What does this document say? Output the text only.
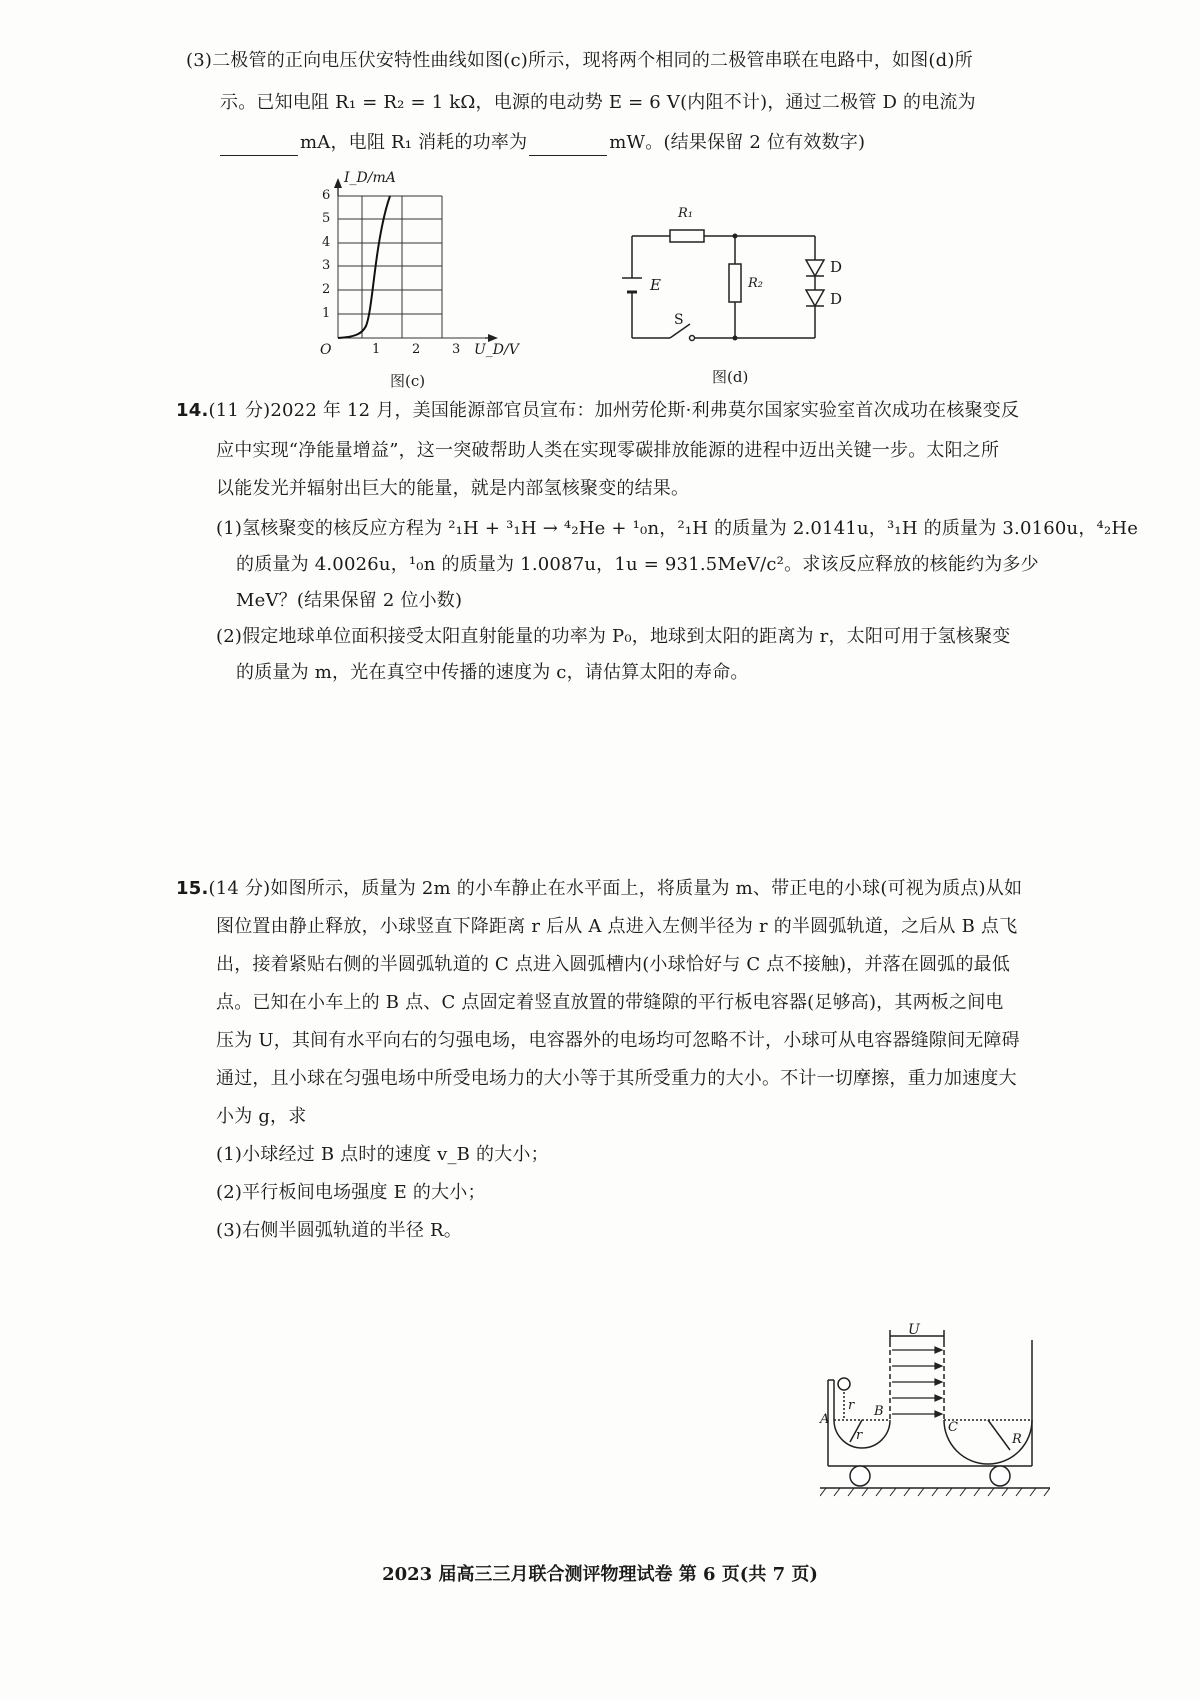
(3)二极管的正向电压伏安特性曲线如图(c)所示，现将两个相同的二极管串联在电路中，如图(d)所
示。已知电阻 R₁ = R₂ = 1 kΩ，电源的电动势 E = 6 V(内阻不计)，通过二极管 D 的电流为
mA，电阻 R₁ 消耗的功率为	mW。(结果保留 2 位有效数字)
I_D/mA
U_D/V
O
6
5
4
3
2
1
1 2 3
图(c)
R₁
R₂
E
S
D
D
图(d)
14.(11 分)2022 年 12 月，美国能源部官员宣布：加州劳伦斯·利弗莫尔国家实验室首次成功在核聚变反
应中实现“净能量增益”，这一突破帮助人类在实现零碳排放能源的进程中迈出关键一步。太阳之所
以能发光并辐射出巨大的能量，就是内部氢核聚变的结果。
(1)氢核聚变的核反应方程为 ²₁H + ³₁H → ⁴₂He + ¹₀n，²₁H 的质量为 2.0141u，³₁H 的质量为 3.0160u，⁴₂He
的质量为 4.0026u，¹₀n 的质量为 1.0087u，1u = 931.5MeV/c²。求该反应释放的核能约为多少
MeV？(结果保留 2 位小数)
(2)假定地球单位面积接受太阳直射能量的功率为 P₀，地球到太阳的距离为 r，太阳可用于氢核聚变
的质量为 m，光在真空中传播的速度为 c，请估算太阳的寿命。
15.(14 分)如图所示，质量为 2m 的小车静止在水平面上，将质量为 m、带正电的小球(可视为质点)从如
图位置由静止释放，小球竖直下降距离 r 后从 A 点进入左侧半径为 r 的半圆弧轨道，之后从 B 点飞
出，接着紧贴右侧的半圆弧轨道的 C 点进入圆弧槽内(小球恰好与 C 点不接触)，并落在圆弧的最低
点。已知在小车上的 B 点、C 点固定着竖直放置的带缝隙的平行板电容器(足够高)，其两板之间电
压为 U，其间有水平向右的匀强电场，电容器外的电场均可忽略不计，小球可从电容器缝隙间无障碍
通过，且小球在匀强电场中所受电场力的大小等于其所受重力的大小。不计一切摩擦，重力加速度大
小为 g，求
(1)小球经过 B 点时的速度 v_B 的大小；
(2)平行板间电场强度 E 的大小；
(3)右侧半圆弧轨道的半径 R。
U
r
r
A
B
C
R
2023 届高三三月联合测评物理试卷 第 6 页(共 7 页)
